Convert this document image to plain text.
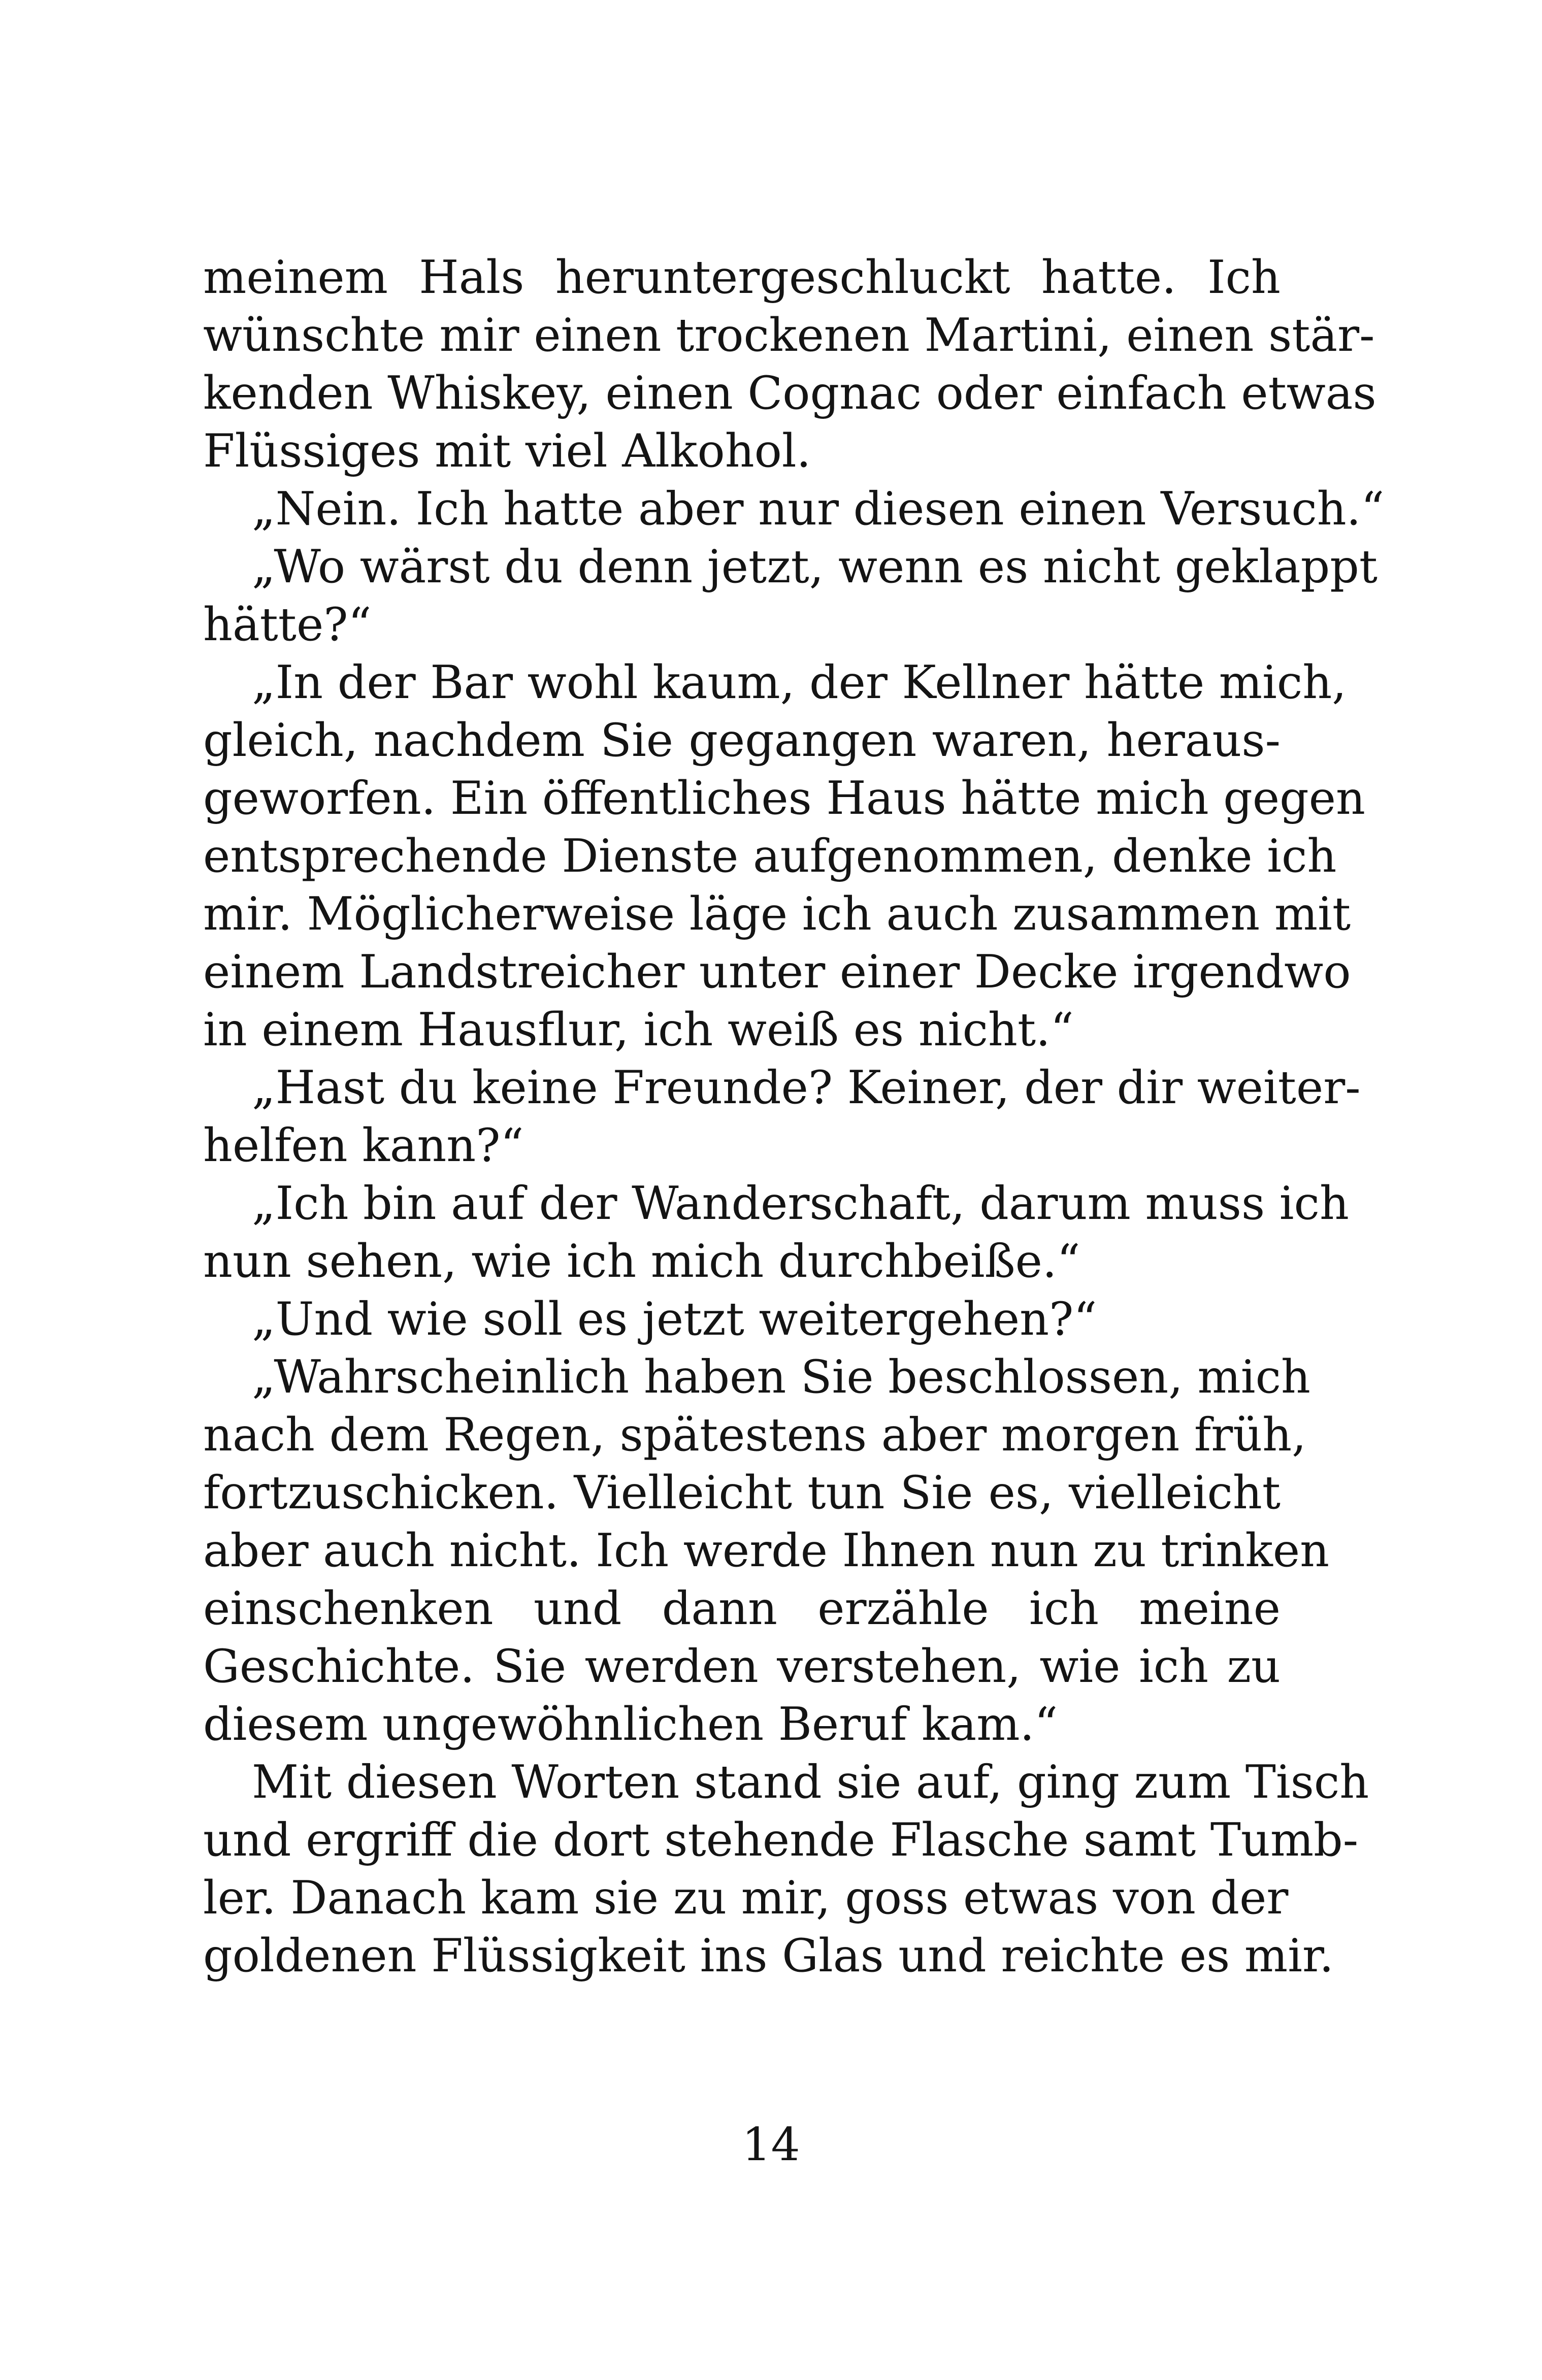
meinem Hals heruntergeschluckt hatte. Ich
wünschte mir einen trockenen Martini, einen stär-
kenden Whiskey, einen Cognac oder einfach etwas
Flüssiges mit viel Alkohol.
„Nein. Ich hatte aber nur diesen einen Versuch.“
„Wo wärst du denn jetzt, wenn es nicht geklappt
hätte?“
„In der Bar wohl kaum, der Kellner hätte mich,
gleich, nachdem Sie gegangen waren, heraus-
geworfen. Ein öffentliches Haus hätte mich gegen
entsprechende Dienste aufgenommen, denke ich
mir. Möglicherweise läge ich auch zusammen mit
einem Landstreicher unter einer Decke irgendwo
in einem Hausflur, ich weiß es nicht.“
„Hast du keine Freunde? Keiner, der dir weiter-
helfen kann?“
„Ich bin auf der Wanderschaft, darum muss ich
nun sehen, wie ich mich durchbeiße.“
„Und wie soll es jetzt weitergehen?“
„Wahrscheinlich haben Sie beschlossen, mich
nach dem Regen, spätestens aber morgen früh,
fortzuschicken. Vielleicht tun Sie es, vielleicht
aber auch nicht. Ich werde Ihnen nun zu trinken
einschenken und dann erzähle ich meine
Geschichte. Sie werden verstehen, wie ich zu
diesem ungewöhnlichen Beruf kam.“
Mit diesen Worten stand sie auf, ging zum Tisch
und ergriff die dort stehende Flasche samt Tumb-
ler. Danach kam sie zu mir, goss etwas von der
goldenen Flüssigkeit ins Glas und reichte es mir.
14
